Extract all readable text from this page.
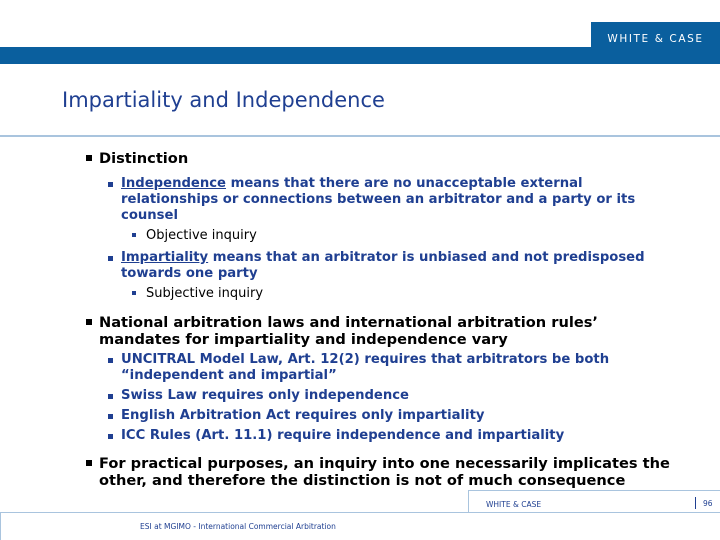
WHITE & CASE
Impartiality and Independence
Distinction
Independence means that there are no unacceptable external relationships or connections between an arbitrator and a party or its counsel
Objective inquiry
Impartiality means that an arbitrator is unbiased and not predisposed towards one party
Subjective inquiry
National arbitration laws and international arbitration rules’ mandates for impartiality and independence vary
UNCITRAL Model Law, Art. 12(2) requires that arbitrators be both “independent and impartial”
Swiss Law requires only independence
English Arbitration Act requires only impartiality
ICC Rules (Art. 11.1) require independence and impartiality
For practical purposes, an inquiry into one necessarily implicates the other, and therefore the distinction is not of much consequence
WHITE & CASE	96
ESI at MGIMO - International Commercial Arbitration
